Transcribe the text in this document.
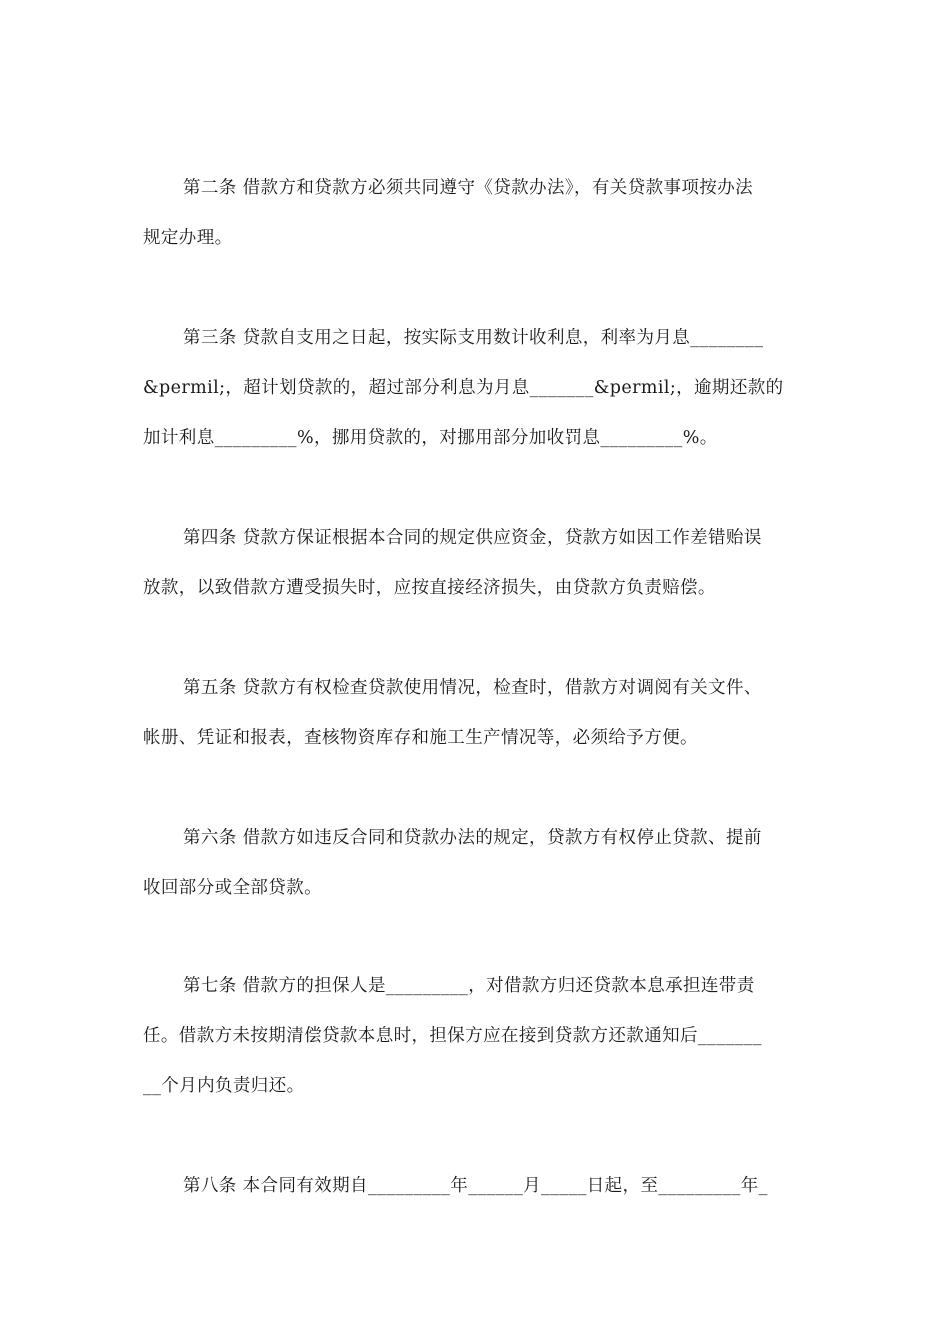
第二条 借款方和贷款方必须共同遵守《贷款办法》，有关贷款事项按办法
规定办理。
第三条 贷款自支用之日起，按实际支用数计收利息，利率为月息________
&permil;，超计划贷款的，超过部分利息为月息_______&permil;，逾期还款的
加计利息_________%，挪用贷款的，对挪用部分加收罚息_________%。
第四条 贷款方保证根据本合同的规定供应资金，贷款方如因工作差错贻误
放款，以致借款方遭受损失时，应按直接经济损失，由贷款方负责赔偿。
第五条 贷款方有权检查贷款使用情况，检查时，借款方对调阅有关文件、
帐册、凭证和报表，查核物资库存和施工生产情况等，必须给予方便。
第六条 借款方如违反合同和贷款办法的规定，贷款方有权停止贷款、提前
收回部分或全部贷款。
第七条 借款方的担保人是_________，对借款方归还贷款本息承担连带责
任。借款方未按期清偿贷款本息时，担保方应在接到贷款方还款通知后_______
__个月内负责归还。
第八条 本合同有效期自_________年______月_____日起，至_________年_
